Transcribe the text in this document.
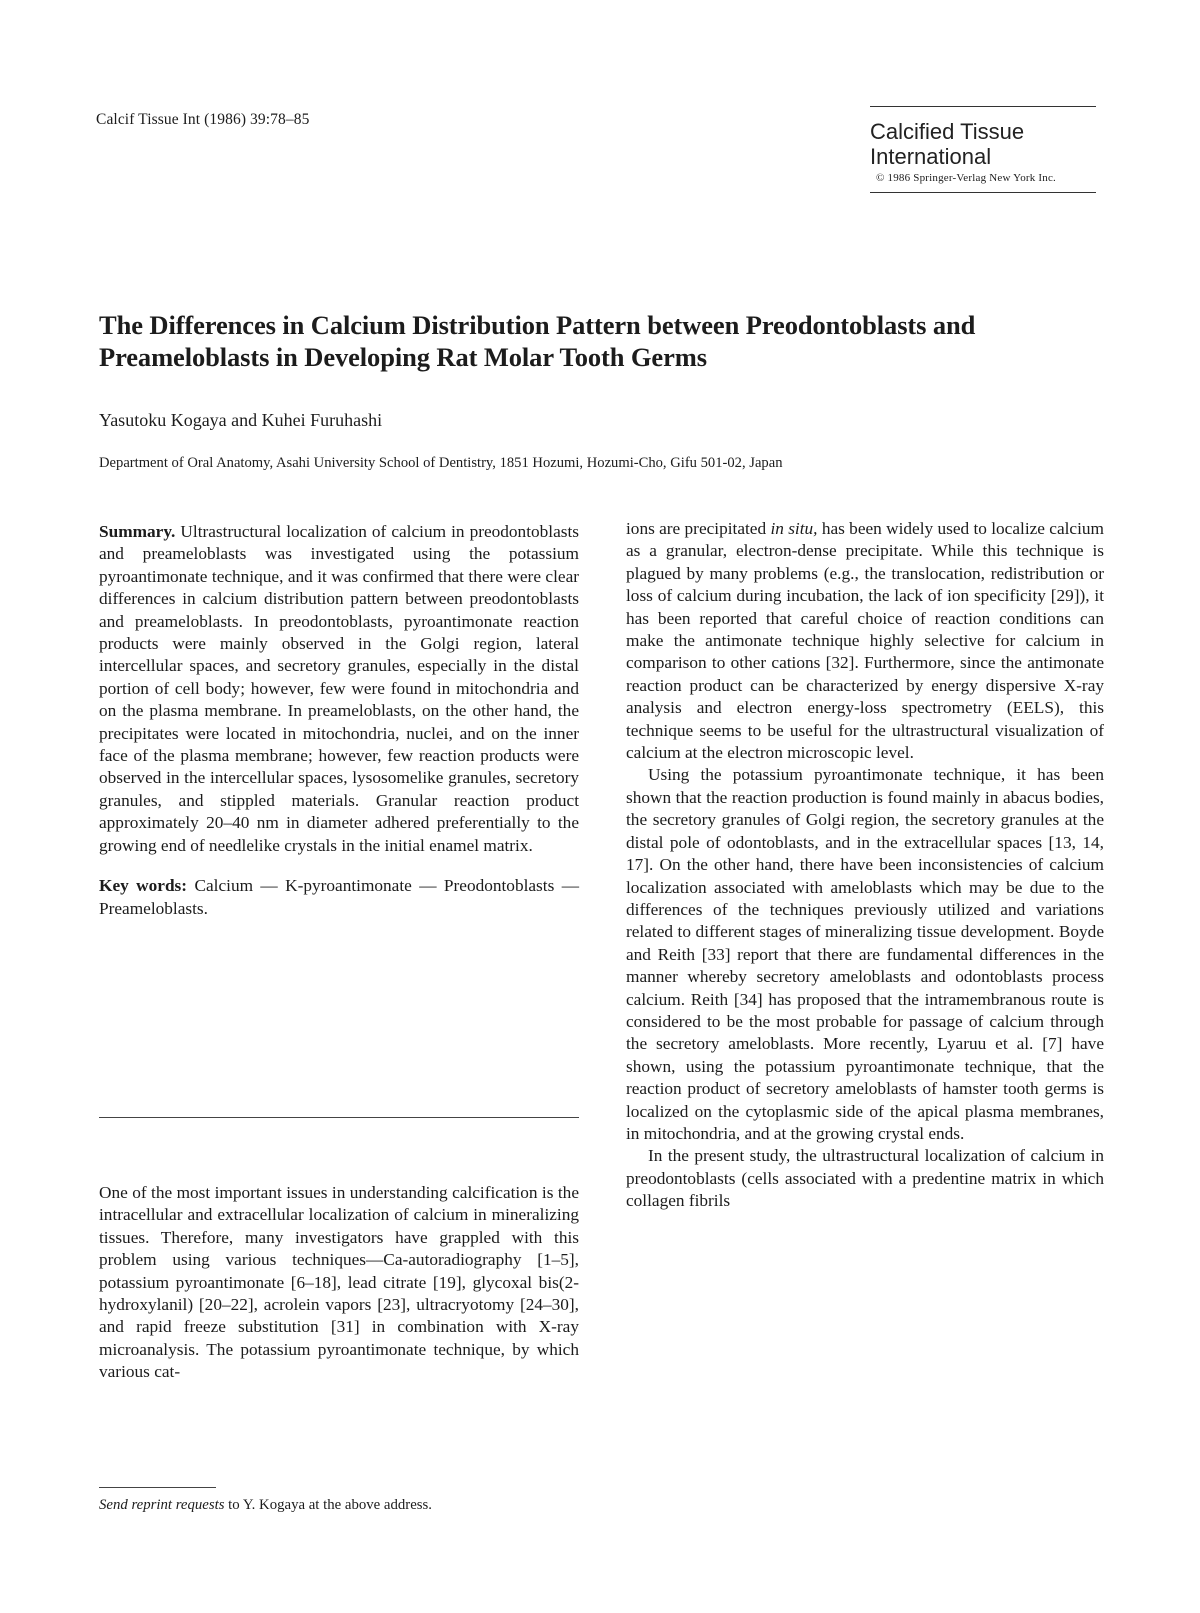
Calcif Tissue Int (1986) 39:78–85	Calcified Tissue
International
© 1986 Springer-Verlag New York Inc.
The Differences in Calcium Distribution Pattern between Preodontoblasts and
Preameloblasts in Developing Rat Molar Tooth Germs
Yasutoku Kogaya and Kuhei Furuhashi
Department of Oral Anatomy, Asahi University School of Dentistry, 1851 Hozumi, Hozumi-Cho, Gifu 501-02, Japan

Summary. Ultrastructural localization of calcium in preodontoblasts and preameloblasts was investigated using the potassium pyroantimonate technique, and it was confirmed that there were clear differences in calcium distribution pattern between preodontoblasts and preameloblasts. In preodontoblasts, pyroantimonate reaction products were mainly observed in the Golgi region, lateral intercellular spaces, and secretory granules, especially in the distal portion of cell body; however, few were found in mitochondria and on the plasma membrane. In preameloblasts, on the other hand, the precipitates were located in mitochondria, nuclei, and on the inner face of the plasma membrane; however, few reaction products were observed in the intercellular spaces, lysosomelike granules, secretory granules, and stippled materials. Granular reaction product approximately 20–40 nm in diameter adhered preferentially to the growing end of needlelike crystals in the initial enamel matrix.

Key words: Calcium — K-pyroantimonate — Preodontoblasts — Preameloblasts.

One of the most important issues in understanding calcification is the intracellular and extracellular localization of calcium in mineralizing tissues. Therefore, many investigators have grappled with this problem using various techniques—Ca-autoradiography [1–5], potassium pyroantimonate [6–18], lead citrate [19], glycoxal bis(2-hydroxylanil) [20–22], acrolein vapors [23], ultracryotomy [24–30], and rapid freeze substitution [31] in combination with X-ray microanalysis. The potassium pyroantimonate technique, by which various cat-

ions are precipitated in situ, has been widely used to localize calcium as a granular, electron-dense precipitate. While this technique is plagued by many problems (e.g., the translocation, redistribution or loss of calcium during incubation, the lack of ion specificity [29]), it has been reported that careful choice of reaction conditions can make the antimonate technique highly selective for calcium in comparison to other cations [32]. Furthermore, since the antimonate reaction product can be characterized by energy dispersive X-ray analysis and electron energy-loss spectrometry (EELS), this technique seems to be useful for the ultrastructural visualization of calcium at the electron microscopic level.

Using the potassium pyroantimonate technique, it has been shown that the reaction production is found mainly in abacus bodies, the secretory granules of Golgi region, the secretory granules at the distal pole of odontoblasts, and in the extracellular spaces [13, 14, 17]. On the other hand, there have been inconsistencies of calcium localization associated with ameloblasts which may be due to the differences of the techniques previously utilized and variations related to different stages of mineralizing tissue development. Boyde and Reith [33] report that there are fundamental differences in the manner whereby secretory ameloblasts and odontoblasts process calcium. Reith [34] has proposed that the intramembranous route is considered to be the most probable for passage of calcium through the secretory ameloblasts. More recently, Lyaruu et al. [7] have shown, using the potassium pyroantimonate technique, that the reaction product of secretory ameloblasts of hamster tooth germs is localized on the cytoplasmic side of the apical plasma membranes, in mitochondria, and at the growing crystal ends.

In the present study, the ultrastructural localization of calcium in preodontoblasts (cells associated with a predentine matrix in which collagen fibrils

Send reprint requests to Y. Kogaya at the above address.
